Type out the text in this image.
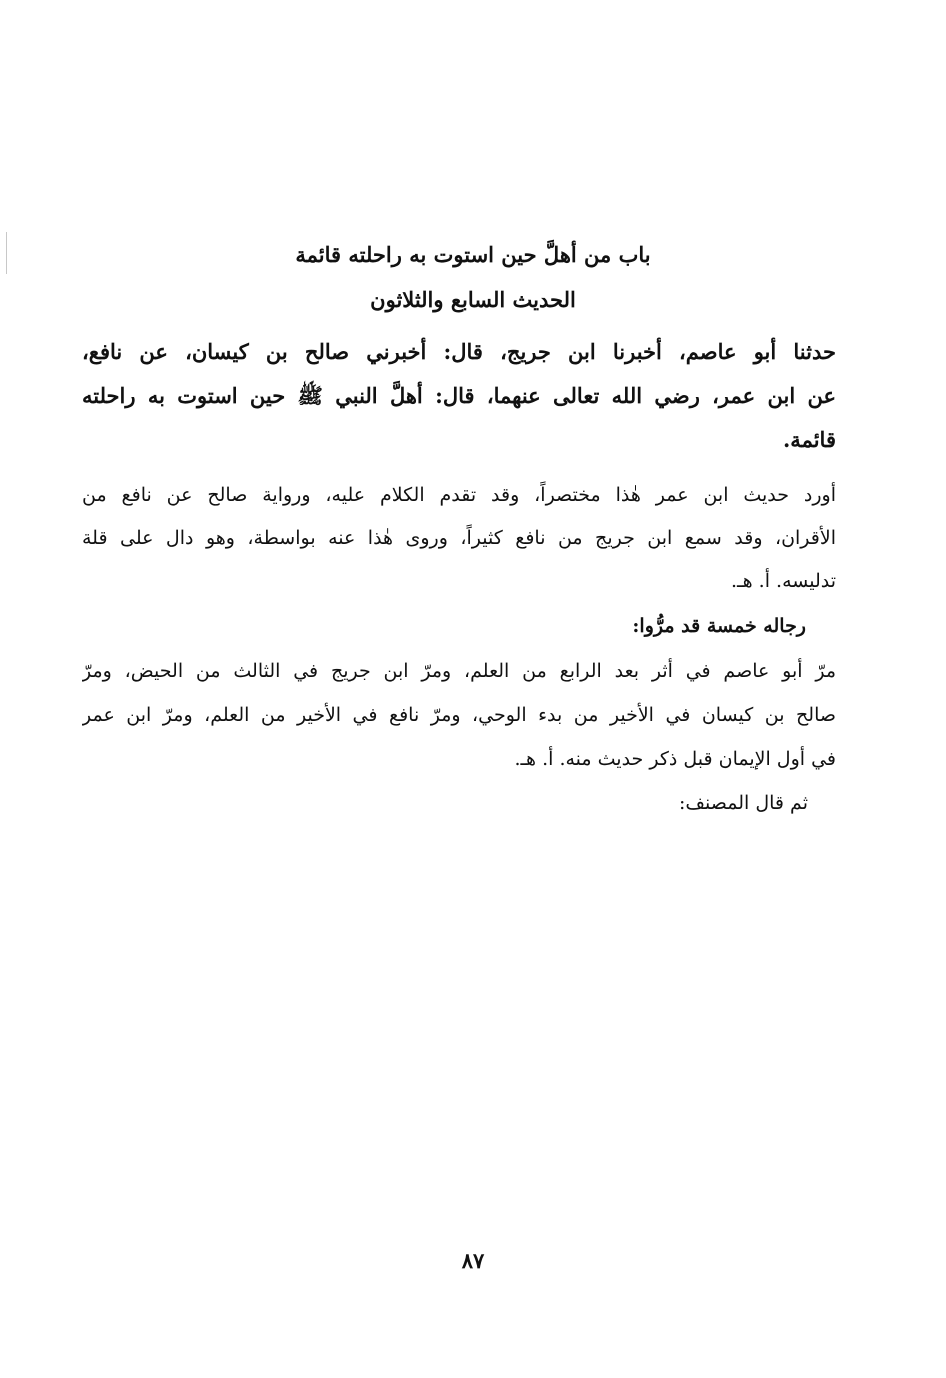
باب من أهلَّ حين استوت به راحلته قائمة
الحديث السابع والثلاثون
حدثنا أبو عاصم، أخبرنا ابن جريج، قال: أخبرني صالح بن كيسان، عن نافع،
عن ابن عمر، رضي الله تعالى عنهما، قال: أهلَّ النبي ﷺ حين استوت به راحلته
قائمة.
أورد حديث ابن عمر هٰذا مختصراً، وقد تقدم الكلام عليه، ورواية صالح عن نافع من
الأقران، وقد سمع ابن جريج من نافع كثيراً، وروى هٰذا عنه بواسطة، وهو دال على قلة
تدليسه. أ. هـ.
رجاله خمسة قد مرُّوا:
مرّ أبو عاصم في أثر بعد الرابع من العلم، ومرّ ابن جريج في الثالث من الحيض، ومرّ
صالح بن كيسان في الأخير من بدء الوحي، ومرّ نافع في الأخير من العلم، ومرّ ابن عمر
في أول الإيمان قبل ذكر حديث منه. أ. هـ.
ثم قال المصنف:
٨٧
